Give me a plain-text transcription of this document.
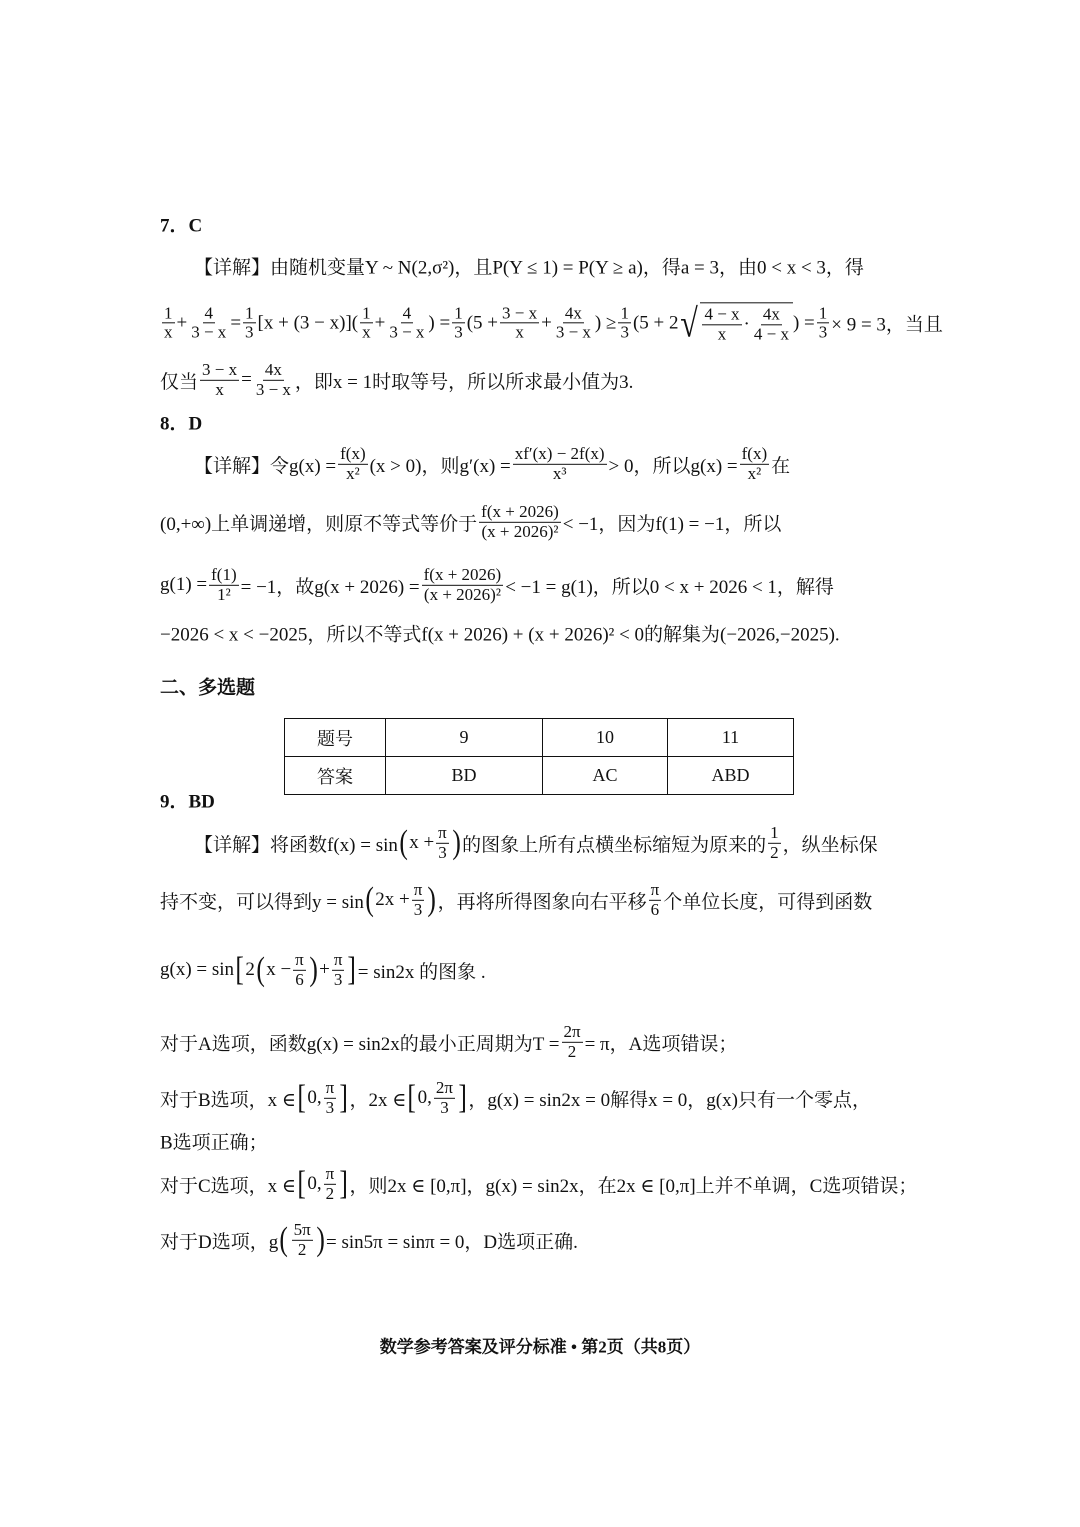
7．C
【详解】由随机变量Y ~ N(2,σ²)，且P(Y ≤ 1) = P(Y ≥ a)，得a = 3，由0 < x < 3，得
$\frac{1}{x} + \frac{4}{3 - x} = \frac{1}{3} [x + (3 - x)]( \frac{1}{x} + \frac{4}{3 - x}$ ) = $\frac{1}{3} (5 + \frac{3 - x}{x} + \frac{4x}{3 - x}$ ) ≥ $\frac{1}{3} (5 + 2$ √ $\frac{4 - x}{x} \cdot \frac{4x}{4 - x}$ ) = $\frac{1}{3} \times 9 = 3$，当且
仅当 $\frac{3 - x}{x} = \frac{4x}{3 - x}$ ，即x = 1时取等号，所以所求最小值为3.
8．D
【详解】令$g(x) = \frac{f(x)}{\text{x²}} (x > 0)$，则$g'(x) = \frac{xf'(x) - 2f(x)}{\text{x³}} > 0$，所以$g(x) = \frac{f(x)}{\text{x²}}$ 在
(0,+∞)上单调递增，则原不等式等价于 $\frac{f(x + 2026)}{\text{(x + 2026)²}} < -1$，因为f(1) = −1，所以
$g(1) = \frac{f(1)}{\text{1²}} = -1$，故$g(x + 2026) = \frac{f(x + 2026)}{\text{(x + 2026)²}} < -1 = g(1)$，所以0 < x + 2026 < 1，解得
−2026 < x < −2025，所以不等式f(x + 2026) + (x + 2026)² < 0的解集为(−2026,−2025).
二、多选题
9．BD
【详解】将函数f(x) = sin ( $x + \frac{\pi}{3}$ ) 的图象上所有点横坐标缩短为原来的 $\frac{1}{2}$ ，纵坐标保
持不变，可以得到y = sin ( $2x + \frac{\pi}{3}$ ) ，再将所得图象向右平移 $\frac{\pi}{6}$ 个单位长度，可得到函数
g(x) = sin [ 2 ( $x - \frac{\pi}{6}$ ) + $\frac{\pi}{3}$ ] = sin2x 的图象 .
对于A选项，函数g(x) = sin2x的最小正周期为$T = \frac{2\pi}{2} = \pi$，A选项错误；
对于B选项，x ∈ [ 0, $\frac{\pi}{3}$ ] ，2x ∈ [ 0, $\frac{2\pi}{3}$ ] ，g(x) = sin2x = 0解得x = 0，g(x)只有一个零点，
B选项正确；
对于C选项，x ∈ [ 0, $\frac{\pi}{2}$ ] ，则2x ∈ [0,π]，g(x) = sin2x，在2x ∈ [0,π]上并不单调，C选项错误；
对于D选项，g ( $\frac{5\pi}{2}$ ) = sin5π = sinπ = 0，D选项正确.
题号	9	10	11
答案	BD	AC	ABD
数学参考答案及评分标准 • 第2页（共8页）
